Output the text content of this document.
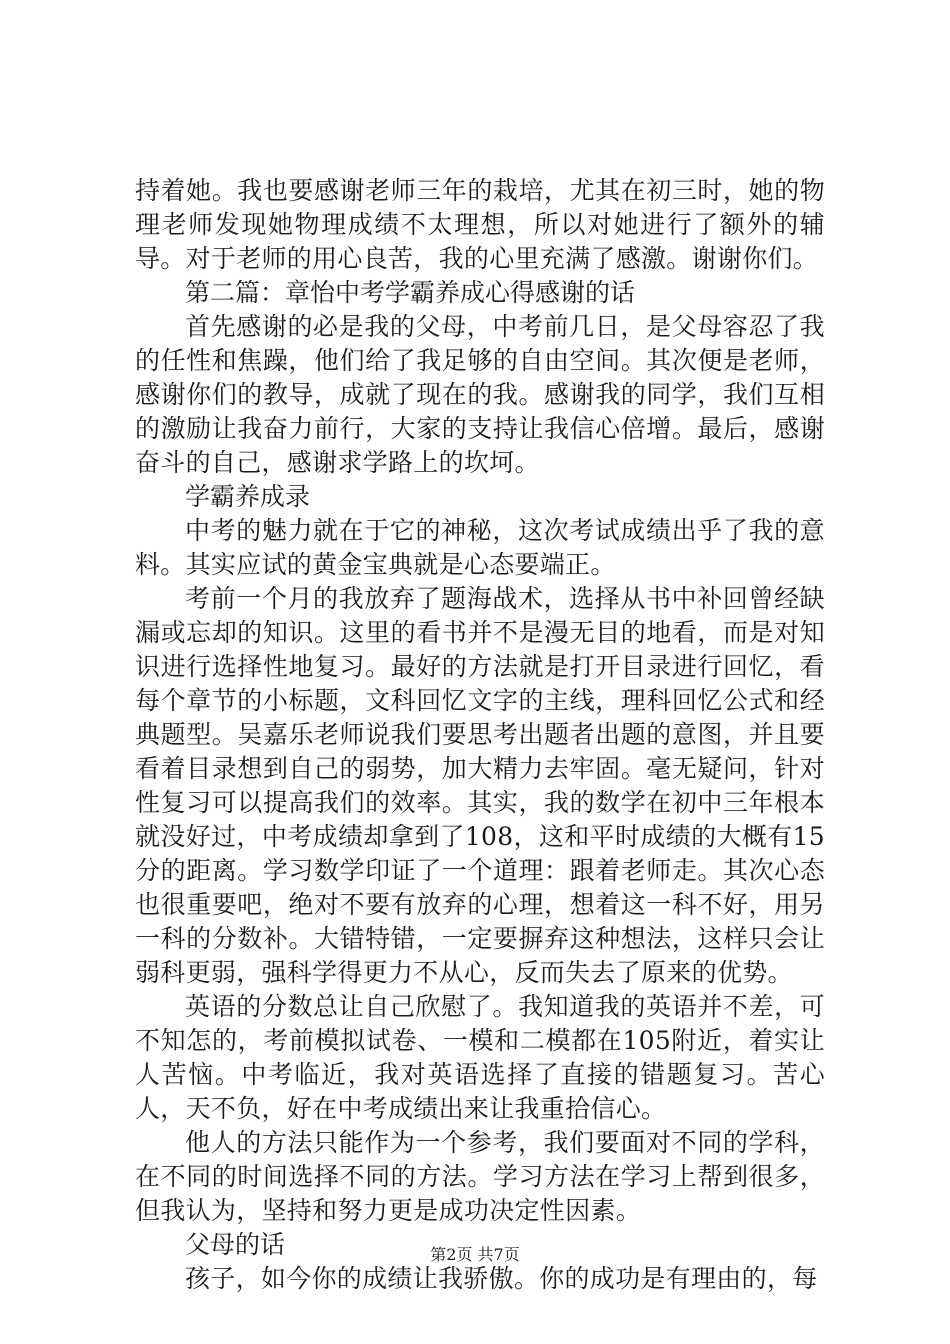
持着她。我也要感谢老师三年的栽培，尤其在初三时，她的物理老师发现她物理成绩不太理想，所以对她进行了额外的辅导。对于老师的用心良苦，我的心里充满了感激。谢谢你们。

第二篇：章怡中考学霸养成心得感谢的话

首先感谢的必是我的父母，中考前几日，是父母容忍了我的任性和焦躁，他们给了我足够的自由空间。其次便是老师，感谢你们的教导，成就了现在的我。感谢我的同学，我们互相的激励让我奋力前行，大家的支持让我信心倍增。最后，感谢奋斗的自己，感谢求学路上的坎坷。

学霸养成录

中考的魅力就在于它的神秘，这次考试成绩出乎了我的意料。其实应试的黄金宝典就是心态要端正。

考前一个月的我放弃了题海战术，选择从书中补回曾经缺漏或忘却的知识。这里的看书并不是漫无目的地看，而是对知识进行选择性地复习。最好的方法就是打开目录进行回忆，看每个章节的小标题，文科回忆文字的主线，理科回忆公式和经典题型。吴嘉乐老师说我们要思考出题者出题的意图，并且要看着目录想到自己的弱势，加大精力去牢固。毫无疑问，针对性复习可以提高我们的效率。其实，我的数学在初中三年根本就没好过，中考成绩却拿到了108，这和平时成绩的大概有15分的距离。学习数学印证了一个道理：跟着老师走。其次心态也很重要吧，绝对不要有放弃的心理，想着这一科不好，用另一科的分数补。大错特错，一定要摒弃这种想法，这样只会让弱科更弱，强科学得更力不从心，反而失去了原来的优势。

英语的分数总让自己欣慰了。我知道我的英语并不差，可不知怎的，考前模拟试卷、一模和二模都在105附近，着实让人苦恼。中考临近，我对英语选择了直接的错题复习。苦心人，天不负，好在中考成绩出来让我重拾信心。

他人的方法只能作为一个参考，我们要面对不同的学科，在不同的时间选择不同的方法。学习方法在学习上帮到很多，但我认为，坚持和努力更是成功决定性因素。

父母的话

孩子，如今你的成绩让我骄傲。你的成功是有理由的，每

第2页 共7页
